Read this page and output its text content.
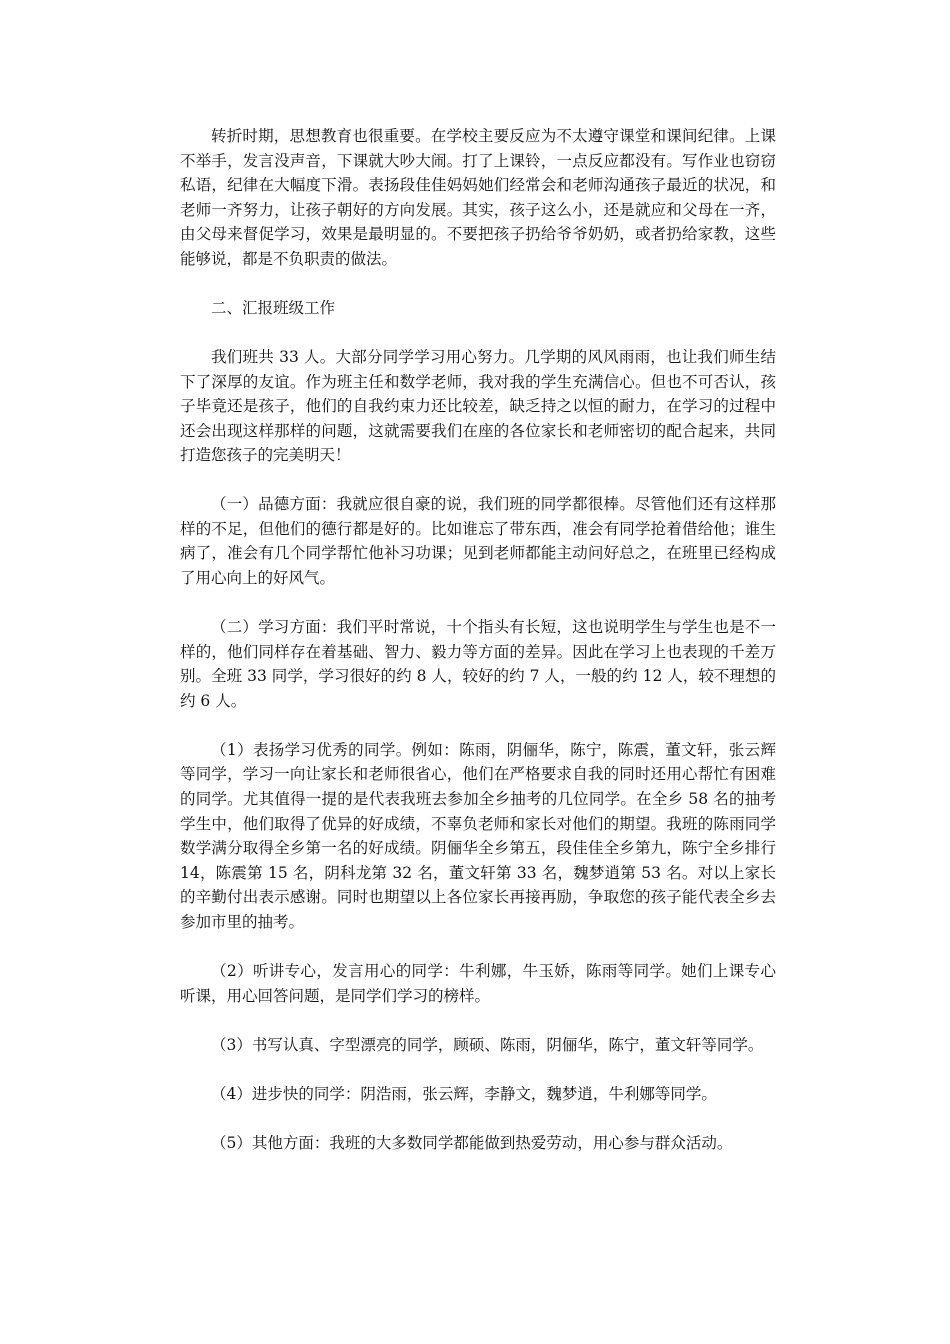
转折时期，思想教育也很重要。在学校主要反应为不太遵守课堂和课间纪律。上课不举手，发言没声音，下课就大吵大闹。打了上课铃，一点反应都没有。写作业也窃窃私语，纪律在大幅度下滑。表扬段佳佳妈妈她们经常会和老师沟通孩子最近的状况，和老师一齐努力，让孩子朝好的方向发展。其实，孩子这么小，还是就应和父母在一齐，由父母来督促学习，效果是最明显的。不要把孩子扔给爷爷奶奶，或者扔给家教，这些能够说，都是不负职责的做法。

二、汇报班级工作

我们班共 33 人。大部分同学学习用心努力。几学期的风风雨雨，也让我们师生结下了深厚的友谊。作为班主任和数学老师，我对我的学生充满信心。但也不可否认，孩子毕竟还是孩子，他们的自我约束力还比较差，缺乏持之以恒的耐力，在学习的过程中还会出现这样那样的问题，这就需要我们在座的各位家长和老师密切的配合起来，共同打造您孩子的完美明天！

（一）品德方面：我就应很自豪的说，我们班的同学都很棒。尽管他们还有这样那样的不足，但他们的德行都是好的。比如谁忘了带东西，准会有同学抢着借给他；谁生病了，准会有几个同学帮忙他补习功课；见到老师都能主动问好总之，在班里已经构成了用心向上的好风气。

（二）学习方面：我们平时常说，十个指头有长短，这也说明学生与学生也是不一样的，他们同样存在着基础、智力、毅力等方面的差异。因此在学习上也表现的千差万别。全班 33 同学，学习很好的约 8 人，较好的约 7 人，一般的约 12 人，较不理想的约 6 人。

（1）表扬学习优秀的同学。例如：陈雨，阴俪华，陈宁，陈震，董文轩，张云辉等同学，学习一向让家长和老师很省心，他们在严格要求自我的同时还用心帮忙有困难的同学。尤其值得一提的是代表我班去参加全乡抽考的几位同学。在全乡 58 名的抽考学生中，他们取得了优异的好成绩，不辜负老师和家长对他们的期望。我班的陈雨同学数学满分取得全乡第一名的好成绩。阴俪华全乡第五，段佳佳全乡第九，陈宁全乡排行 14，陈震第 15 名，阴科龙第 32 名，董文轩第 33 名，魏梦逍第 53 名。对以上家长的辛勤付出表示感谢。同时也期望以上各位家长再接再励，争取您的孩子能代表全乡去参加市里的抽考。

（2）听讲专心，发言用心的同学：牛利娜，牛玉娇，陈雨等同学。她们上课专心听课，用心回答问题，是同学们学习的榜样。

（3）书写认真、字型漂亮的同学，顾硕、陈雨，阴俪华，陈宁，董文轩等同学。

（4）进步快的同学：阴浩雨，张云辉，李静文，魏梦逍，牛利娜等同学。

（5）其他方面：我班的大多数同学都能做到热爱劳动，用心参与群众活动。
